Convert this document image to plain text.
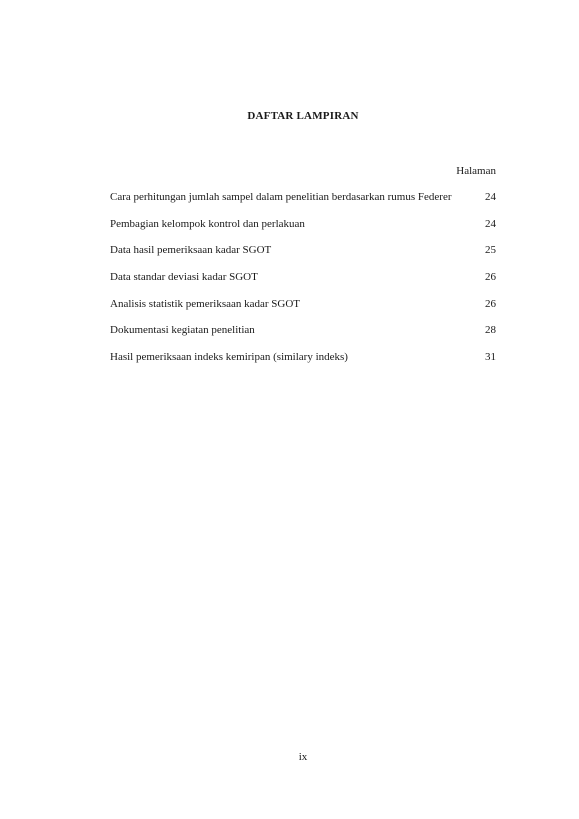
DAFTAR LAMPIRAN
Halaman
Cara perhitungan jumlah sampel dalam penelitian berdasarkan rumus Federer	24
Pembagian kelompok kontrol dan perlakuan	24
Data hasil pemeriksaan kadar SGOT	25
Data standar deviasi kadar SGOT	26
Analisis statistik pemeriksaan kadar SGOT	26
Dokumentasi kegiatan penelitian	28
Hasil pemeriksaan indeks kemiripan (similary indeks)	31
ix
